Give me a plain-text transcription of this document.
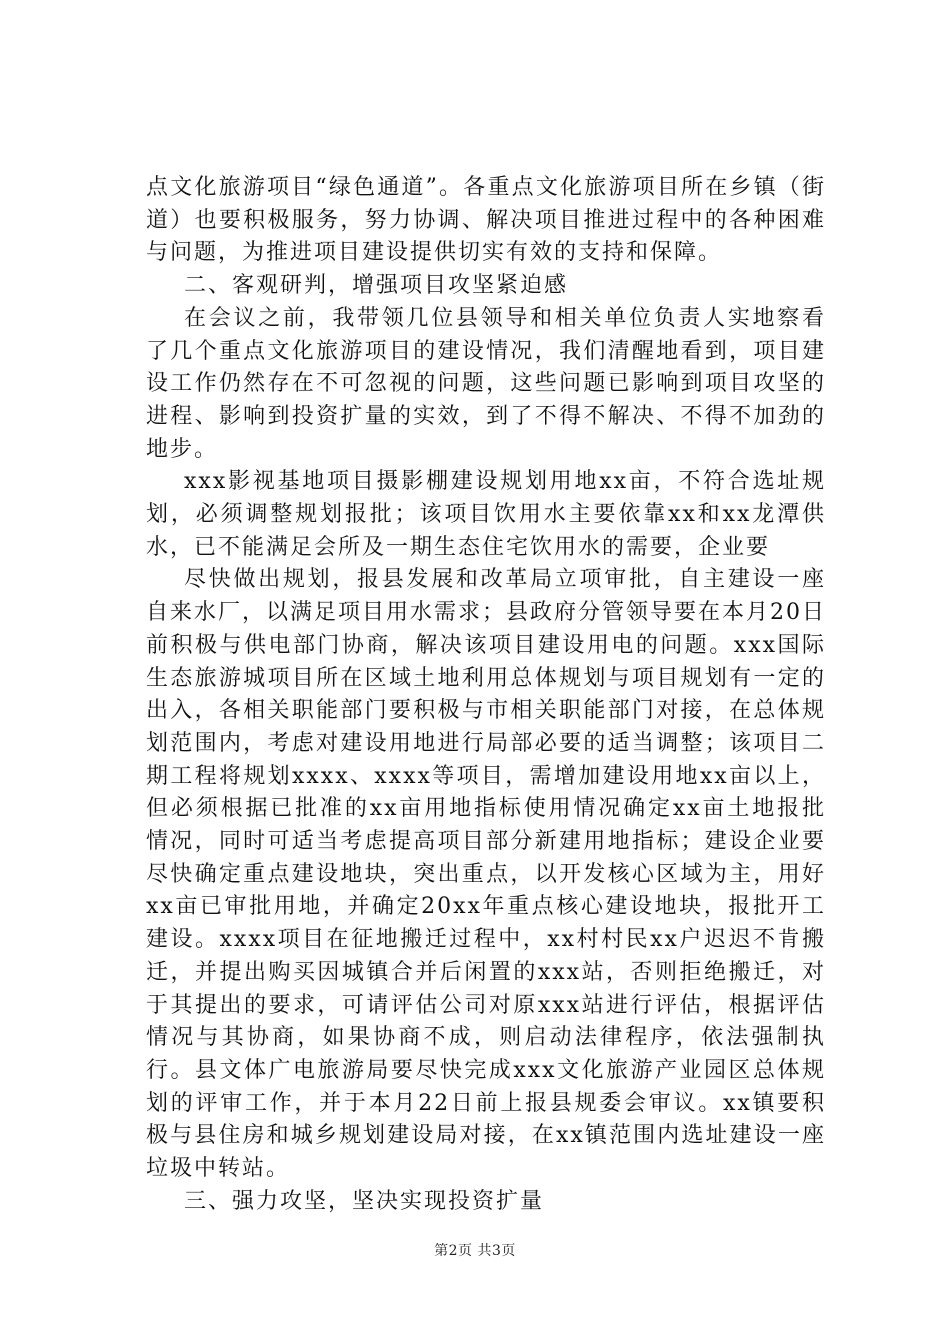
点文化旅游项目“绿色通道”。各重点文化旅游项目所在乡镇（街道）也要积极服务，努力协调、解决项目推进过程中的各种困难与问题，为推进项目建设提供切实有效的支持和保障。

二、客观研判，增强项目攻坚紧迫感

在会议之前，我带领几位县领导和相关单位负责人实地察看了几个重点文化旅游项目的建设情况，我们清醒地看到，项目建设工作仍然存在不可忽视的问题，这些问题已影响到项目攻坚的进程、影响到投资扩量的实效，到了不得不解决、不得不加劲的地步。

xxx影视基地项目摄影棚建设规划用地xx亩，不符合选址规划，必须调整规划报批；该项目饮用水主要依靠xx和xx龙潭供水，已不能满足会所及一期生态住宅饮用水的需要，企业要

尽快做出规划，报县发展和改革局立项审批，自主建设一座自来水厂，以满足项目用水需求；县政府分管领导要在本月20日前积极与供电部门协商，解决该项目建设用电的问题。xxx国际生态旅游城项目所在区域土地利用总体规划与项目规划有一定的出入，各相关职能部门要积极与市相关职能部门对接，在总体规划范围内，考虑对建设用地进行局部必要的适当调整；该项目二期工程将规划xxxx、xxxx等项目，需增加建设用地xx亩以上，但必须根据已批准的xx亩用地指标使用情况确定xx亩土地报批情况，同时可适当考虑提高项目部分新建用地指标；建设企业要尽快确定重点建设地块，突出重点，以开发核心区域为主，用好xx亩已审批用地，并确定20xx年重点核心建设地块，报批开工建设。xxxx项目在征地搬迁过程中，xx村村民xx户迟迟不肯搬迁，并提出购买因城镇合并后闲置的xxx站，否则拒绝搬迁，对于其提出的要求，可请评估公司对原xxx站进行评估，根据评估情况与其协商，如果协商不成，则启动法律程序，依法强制执行。县文体广电旅游局要尽快完成xxx文化旅游产业园区总体规划的评审工作，并于本月22日前上报县规委会审议。xx镇要积极与县住房和城乡规划建设局对接，在xx镇范围内选址建设一座垃圾中转站。

三、强力攻坚，坚决实现投资扩量

第2页 共3页
